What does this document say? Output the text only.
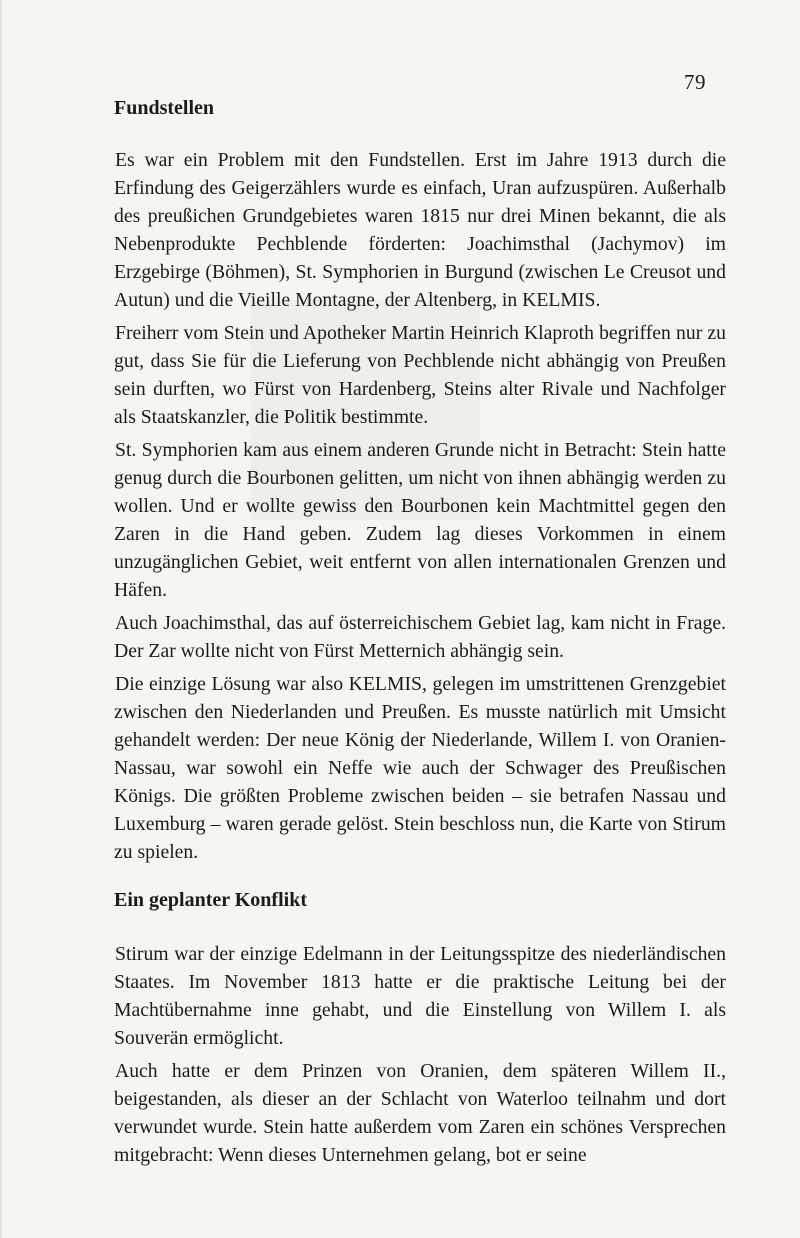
79
Fundstellen

Es war ein Problem mit den Fundstellen. Erst im Jahre 1913 durch die Erfindung des Geigerzählers wurde es einfach, Uran aufzuspüren. Außerhalb des preußichen Grundgebietes waren 1815 nur drei Minen bekannt, die als Nebenprodukte Pechblende förderten: Joachimsthal (Jachymov) im Erzgebirge (Böhmen), St. Symphorien in Burgund (zwischen Le Creusot und Autun) und die Vieille Montagne, der Altenberg, in KELMIS.

Freiherr vom Stein und Apotheker Martin Heinrich Klaproth begriffen nur zu gut, dass Sie für die Lieferung von Pechblende nicht abhängig von Preußen sein durften, wo Fürst von Hardenberg, Steins alter Rivale und Nachfolger als Staatskanzler, die Politik bestimmte.

St. Symphorien kam aus einem anderen Grunde nicht in Betracht: Stein hatte genug durch die Bourbonen gelitten, um nicht von ihnen abhängig werden zu wollen. Und er wollte gewiss den Bourbonen kein Machtmittel gegen den Zaren in die Hand geben. Zudem lag dieses Vorkommen in einem unzugänglichen Gebiet, weit entfernt von allen internationalen Grenzen und Häfen.

Auch Joachimsthal, das auf österreichischem Gebiet lag, kam nicht in Frage. Der Zar wollte nicht von Fürst Metternich abhängig sein.

Die einzige Lösung war also KELMIS, gelegen im umstrittenen Grenzgebiet zwischen den Niederlanden und Preußen. Es musste natürlich mit Umsicht gehandelt werden: Der neue König der Niederlande, Willem I. von Oranien-Nassau, war sowohl ein Neffe wie auch der Schwager des Preußischen Königs. Die größten Probleme zwischen beiden – sie betrafen Nassau und Luxemburg – waren gerade gelöst. Stein beschloss nun, die Karte von Stirum zu spielen.

Ein geplanter Konflikt

Stirum war der einzige Edelmann in der Leitungsspitze des niederländischen Staates. Im November 1813 hatte er die praktische Leitung bei der Machtübernahme inne gehabt, und die Einstellung von Willem I. als Souverän ermöglicht.

Auch hatte er dem Prinzen von Oranien, dem späteren Willem II., beigestanden, als dieser an der Schlacht von Waterloo teilnahm und dort verwundet wurde. Stein hatte außerdem vom Zaren ein schönes Versprechen mitgebracht: Wenn dieses Unternehmen gelang, bot er seine
